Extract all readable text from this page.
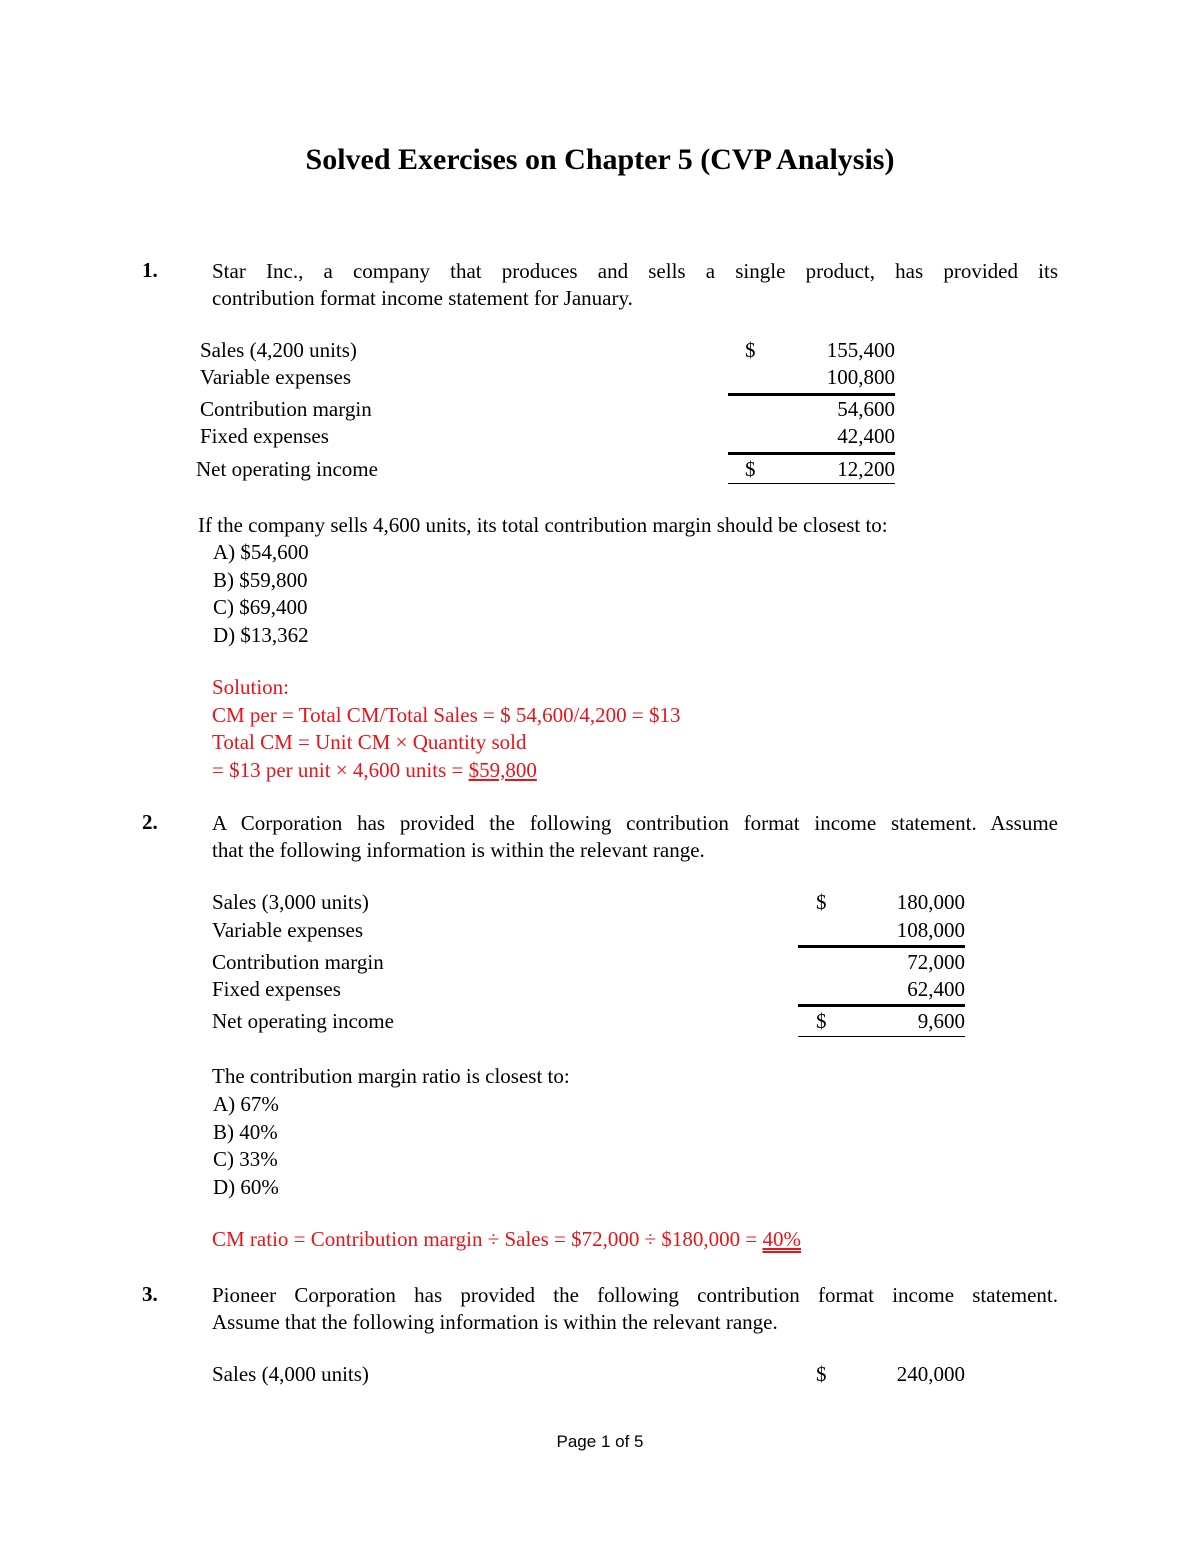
Solved Exercises on Chapter 5 (CVP Analysis)
1.	Star Inc., a company that produces and sells a single product, has provided its
contribution format income statement for January.
Sales (4,200 units)	$	155,400
Variable expenses	100,800
Contribution margin	54,600
Fixed expenses	42,400
Net operating income	$	12,200
If the company sells 4,600 units, its total contribution margin should be closest to:
A) $54,600
B) $59,800
C) $69,400
D) $13,362
Solution:
CM per = Total CM/Total Sales = $ 54,600/4,200 = $13
Total CM = Unit CM × Quantity sold
= $13 per unit × 4,600 units = $59,800
2.	A Corporation has provided the following contribution format income statement. Assume
that the following information is within the relevant range.
Sales (3,000 units)	$	180,000
Variable expenses	108,000
Contribution margin	72,000
Fixed expenses	62,400
Net operating income	$	9,600
The contribution margin ratio is closest to:
A) 67%
B) 40%
C) 33%
D) 60%
CM ratio = Contribution margin ÷ Sales = $72,000 ÷ $180,000 = 40%
3.	Pioneer Corporation has provided the following contribution format income statement.
Assume that the following information is within the relevant range.
Sales (4,000 units)	$	240,000
Page 1 of 5
